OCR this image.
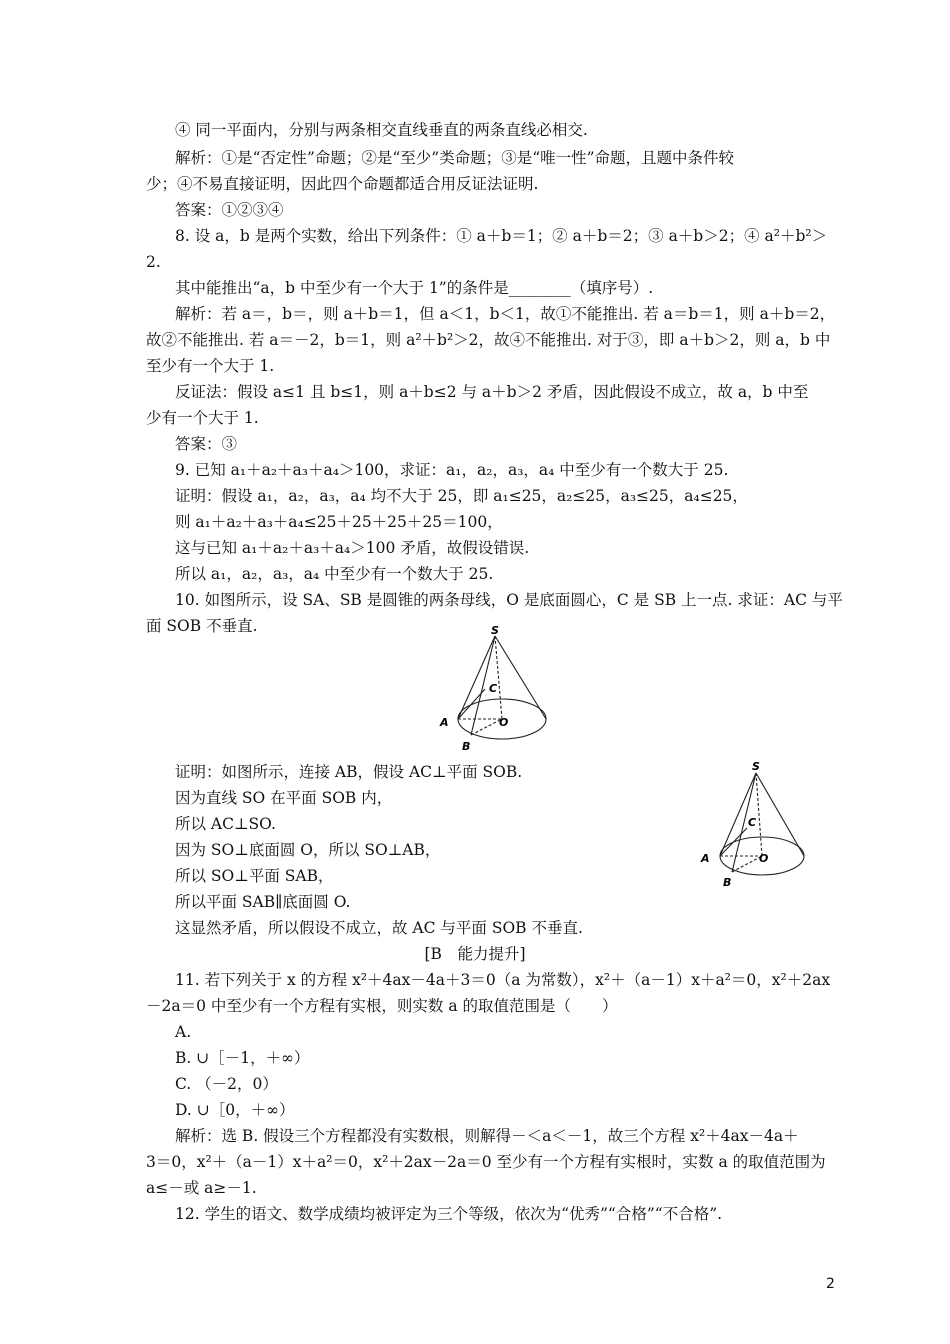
④ 同一平面内，分别与两条相交直线垂直的两条直线必相交.
解析：①是“否定性”命题；②是“至少”类命题；③是“唯一性”命题，且题中条件较
少；④不易直接证明，因此四个命题都适合用反证法证明.
答案：①②③④
8. 设 a，b 是两个实数，给出下列条件：① a＋b＝1；② a＋b＝2；③ a＋b＞2；④ a²＋b²＞
2.
其中能推出“a，b 中至少有一个大于 1”的条件是________（填序号）.
解析：若 a＝，b＝，则 a＋b＝1，但 a＜1，b＜1，故①不能推出. 若 a＝b＝1，则 a＋b＝2，
故②不能推出. 若 a＝－2，b＝1，则 a²＋b²＞2，故④不能推出. 对于③，即 a＋b＞2，则 a，b 中
至少有一个大于 1.
反证法：假设 a≤1 且 b≤1，则 a＋b≤2 与 a＋b＞2 矛盾，因此假设不成立，故 a，b 中至
少有一个大于 1.
答案：③
9. 已知 a₁＋a₂＋a₃＋a₄＞100，求证：a₁，a₂，a₃，a₄ 中至少有一个数大于 25.
证明：假设 a₁，a₂，a₃，a₄ 均不大于 25，即 a₁≤25，a₂≤25，a₃≤25，a₄≤25，
则 a₁＋a₂＋a₃＋a₄≤25＋25＋25＋25＝100，
这与已知 a₁＋a₂＋a₃＋a₄＞100 矛盾，故假设错误.
所以 a₁，a₂，a₃，a₄ 中至少有一个数大于 25.
10. 如图所示，设 SA、SB 是圆锥的两条母线，O 是底面圆心，C 是 SB 上一点. 求证：AC 与平
面 SOB 不垂直.	S
C
A	O
B
证明：如图所示，连接 AB，假设 AC⊥平面 SOB.
因为直线 SO 在平面 SOB 内，
所以 AC⊥SO.
因为 SO⊥底面圆 O，所以 SO⊥AB，
所以 SO⊥平面 SAB，
所以平面 SAB∥底面圆 O.
这显然矛盾，所以假设不成立，故 AC 与平面 SOB 不垂直.
S
C
A	O
B
[B　能力提升]
11. 若下列关于 x 的方程 x²＋4ax－4a＋3＝0（a 为常数），x²＋（a－1）x＋a²＝0，x²＋2ax
－2a＝0 中至少有一个方程有实根，则实数 a 的取值范围是（　　）
A.
B. ∪［－1，＋∞）
C. （－2，0）
D. ∪［0，＋∞）
解析：选 B. 假设三个方程都没有实数根，则解得－＜a＜－1，故三个方程 x²＋4ax－4a＋
3＝0，x²＋（a－1）x＋a²＝0，x²＋2ax－2a＝0 至少有一个方程有实根时，实数 a 的取值范围为
a≤－或 a≥－1.
12. 学生的语文、数学成绩均被评定为三个等级，依次为“优秀”“合格”“不合格”.
2
